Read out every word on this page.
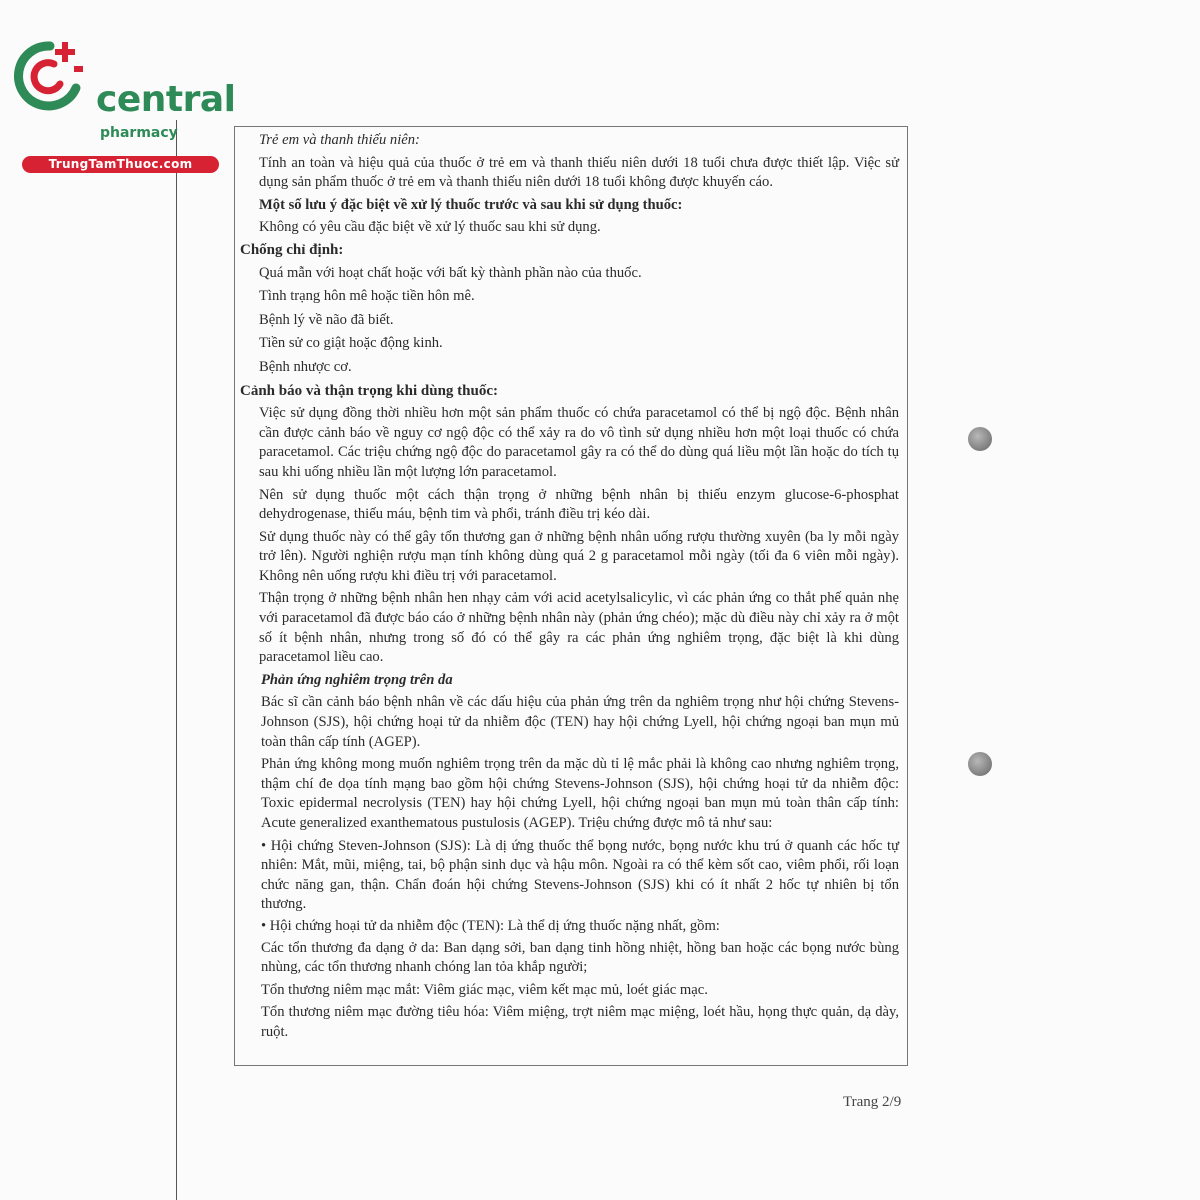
central
pharmacy
TrungTamThuoc.com

Trẻ em và thanh thiếu niên:

Tính an toàn và hiệu quả của thuốc ở trẻ em và thanh thiếu niên dưới 18 tuổi chưa được thiết lập. Việc sử dụng sản phẩm thuốc ở trẻ em và thanh thiếu niên dưới 18 tuổi không được khuyến cáo.

Một số lưu ý đặc biệt về xử lý thuốc trước và sau khi sử dụng thuốc:

Không có yêu cầu đặc biệt về xử lý thuốc sau khi sử dụng.

Chống chỉ định:

Quá mẫn với hoạt chất hoặc với bất kỳ thành phần nào của thuốc.

Tình trạng hôn mê hoặc tiền hôn mê.

Bệnh lý về não đã biết.

Tiền sử co giật hoặc động kinh.

Bệnh nhược cơ.

Cảnh báo và thận trọng khi dùng thuốc:

Việc sử dụng đồng thời nhiều hơn một sản phẩm thuốc có chứa paracetamol có thể bị ngộ độc. Bệnh nhân cần được cảnh báo về nguy cơ ngộ độc có thể xảy ra do vô tình sử dụng nhiều hơn một loại thuốc có chứa paracetamol. Các triệu chứng ngộ độc do paracetamol gây ra có thể do dùng quá liều một lần hoặc do tích tụ sau khi uống nhiều lần một lượng lớn paracetamol.

Nên sử dụng thuốc một cách thận trọng ở những bệnh nhân bị thiếu enzym glucose-6-phosphat dehydrogenase, thiếu máu, bệnh tim và phổi, tránh điều trị kéo dài.

Sử dụng thuốc này có thể gây tổn thương gan ở những bệnh nhân uống rượu thường xuyên (ba ly mỗi ngày trở lên). Người nghiện rượu mạn tính không dùng quá 2 g paracetamol mỗi ngày (tối đa 6 viên mỗi ngày). Không nên uống rượu khi điều trị với paracetamol.

Thận trọng ở những bệnh nhân hen nhạy cảm với acid acetylsalicylic, vì các phản ứng co thắt phế quản nhẹ với paracetamol đã được báo cáo ở những bệnh nhân này (phản ứng chéo); mặc dù điều này chỉ xảy ra ở một số ít bệnh nhân, nhưng trong số đó có thể gây ra các phản ứng nghiêm trọng, đặc biệt là khi dùng paracetamol liều cao.

Phản ứng nghiêm trọng trên da

Bác sĩ cần cảnh báo bệnh nhân về các dấu hiệu của phản ứng trên da nghiêm trọng như hội chứng Stevens-Johnson (SJS), hội chứng hoại tử da nhiễm độc (TEN) hay hội chứng Lyell, hội chứng ngoại ban mụn mủ toàn thân cấp tính (AGEP).

Phản ứng không mong muốn nghiêm trọng trên da mặc dù tỉ lệ mắc phải là không cao nhưng nghiêm trọng, thậm chí đe dọa tính mạng bao gồm hội chứng Stevens-Johnson (SJS), hội chứng hoại tử da nhiễm độc: Toxic epidermal necrolysis (TEN) hay hội chứng Lyell, hội chứng ngoại ban mụn mủ toàn thân cấp tính: Acute generalized exanthematous pustulosis (AGEP). Triệu chứng được mô tả như sau:

• Hội chứng Steven-Johnson (SJS): Là dị ứng thuốc thể bọng nước, bọng nước khu trú ở quanh các hốc tự nhiên: Mắt, mũi, miệng, tai, bộ phận sinh dục và hậu môn. Ngoài ra có thể kèm sốt cao, viêm phổi, rối loạn chức năng gan, thận. Chẩn đoán hội chứng Stevens-Johnson (SJS) khi có ít nhất 2 hốc tự nhiên bị tổn thương.

• Hội chứng hoại tử da nhiễm độc (TEN): Là thể dị ứng thuốc nặng nhất, gồm:

Các tổn thương đa dạng ở da: Ban dạng sởi, ban dạng tinh hồng nhiệt, hồng ban hoặc các bọng nước bùng nhùng, các tổn thương nhanh chóng lan tỏa khắp người;

Tổn thương niêm mạc mắt: Viêm giác mạc, viêm kết mạc mủ, loét giác mạc.

Tổn thương niêm mạc đường tiêu hóa: Viêm miệng, trợt niêm mạc miệng, loét hầu, họng thực quản, dạ dày, ruột.

Trang 2/9
